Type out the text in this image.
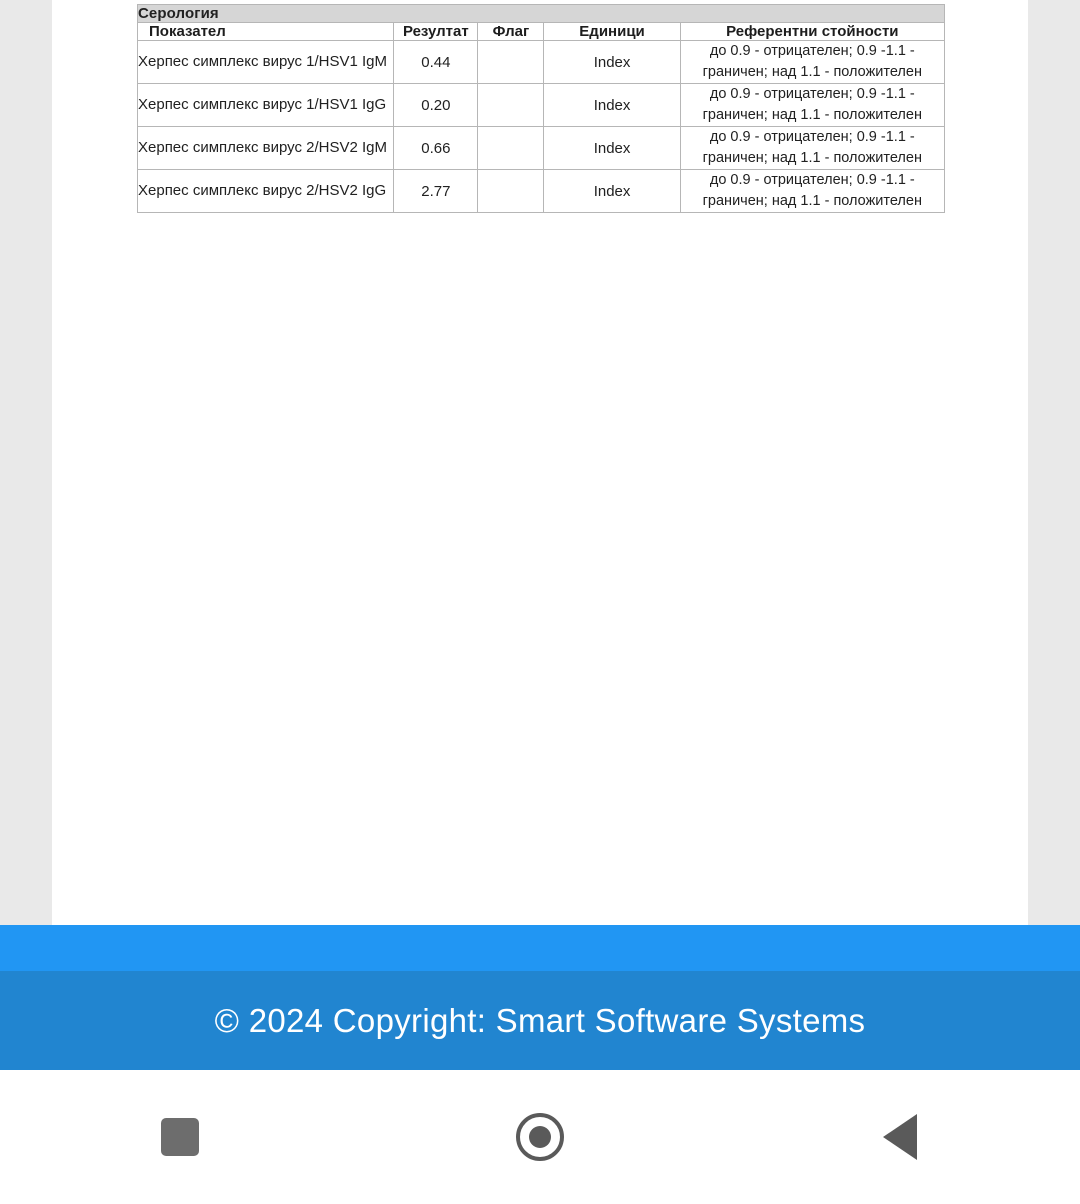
Серология				
Показател	Резултат	Флаг	Единици	Референтни стойности
Херпес симплекс вирус 1/HSV1 IgM	0.44		Index	до 0.9 - отрицателен; 0.9 -1.1 - граничен; над 1.1 - положителен
Херпес симплекс вирус 1/HSV1 IgG	0.20		Index	до 0.9 - отрицателен; 0.9 -1.1 - граничен; над 1.1 - положителен
Херпес симплекс вирус 2/HSV2 IgM	0.66		Index	до 0.9 - отрицателен; 0.9 -1.1 - граничен; над 1.1 - положителен
Херпес симплекс вирус 2/HSV2 IgG	2.77		Index	до 0.9 - отрицателен; 0.9 -1.1 - граничен; над 1.1 - положителен
© 2024 Copyright: Smart Software Systems
